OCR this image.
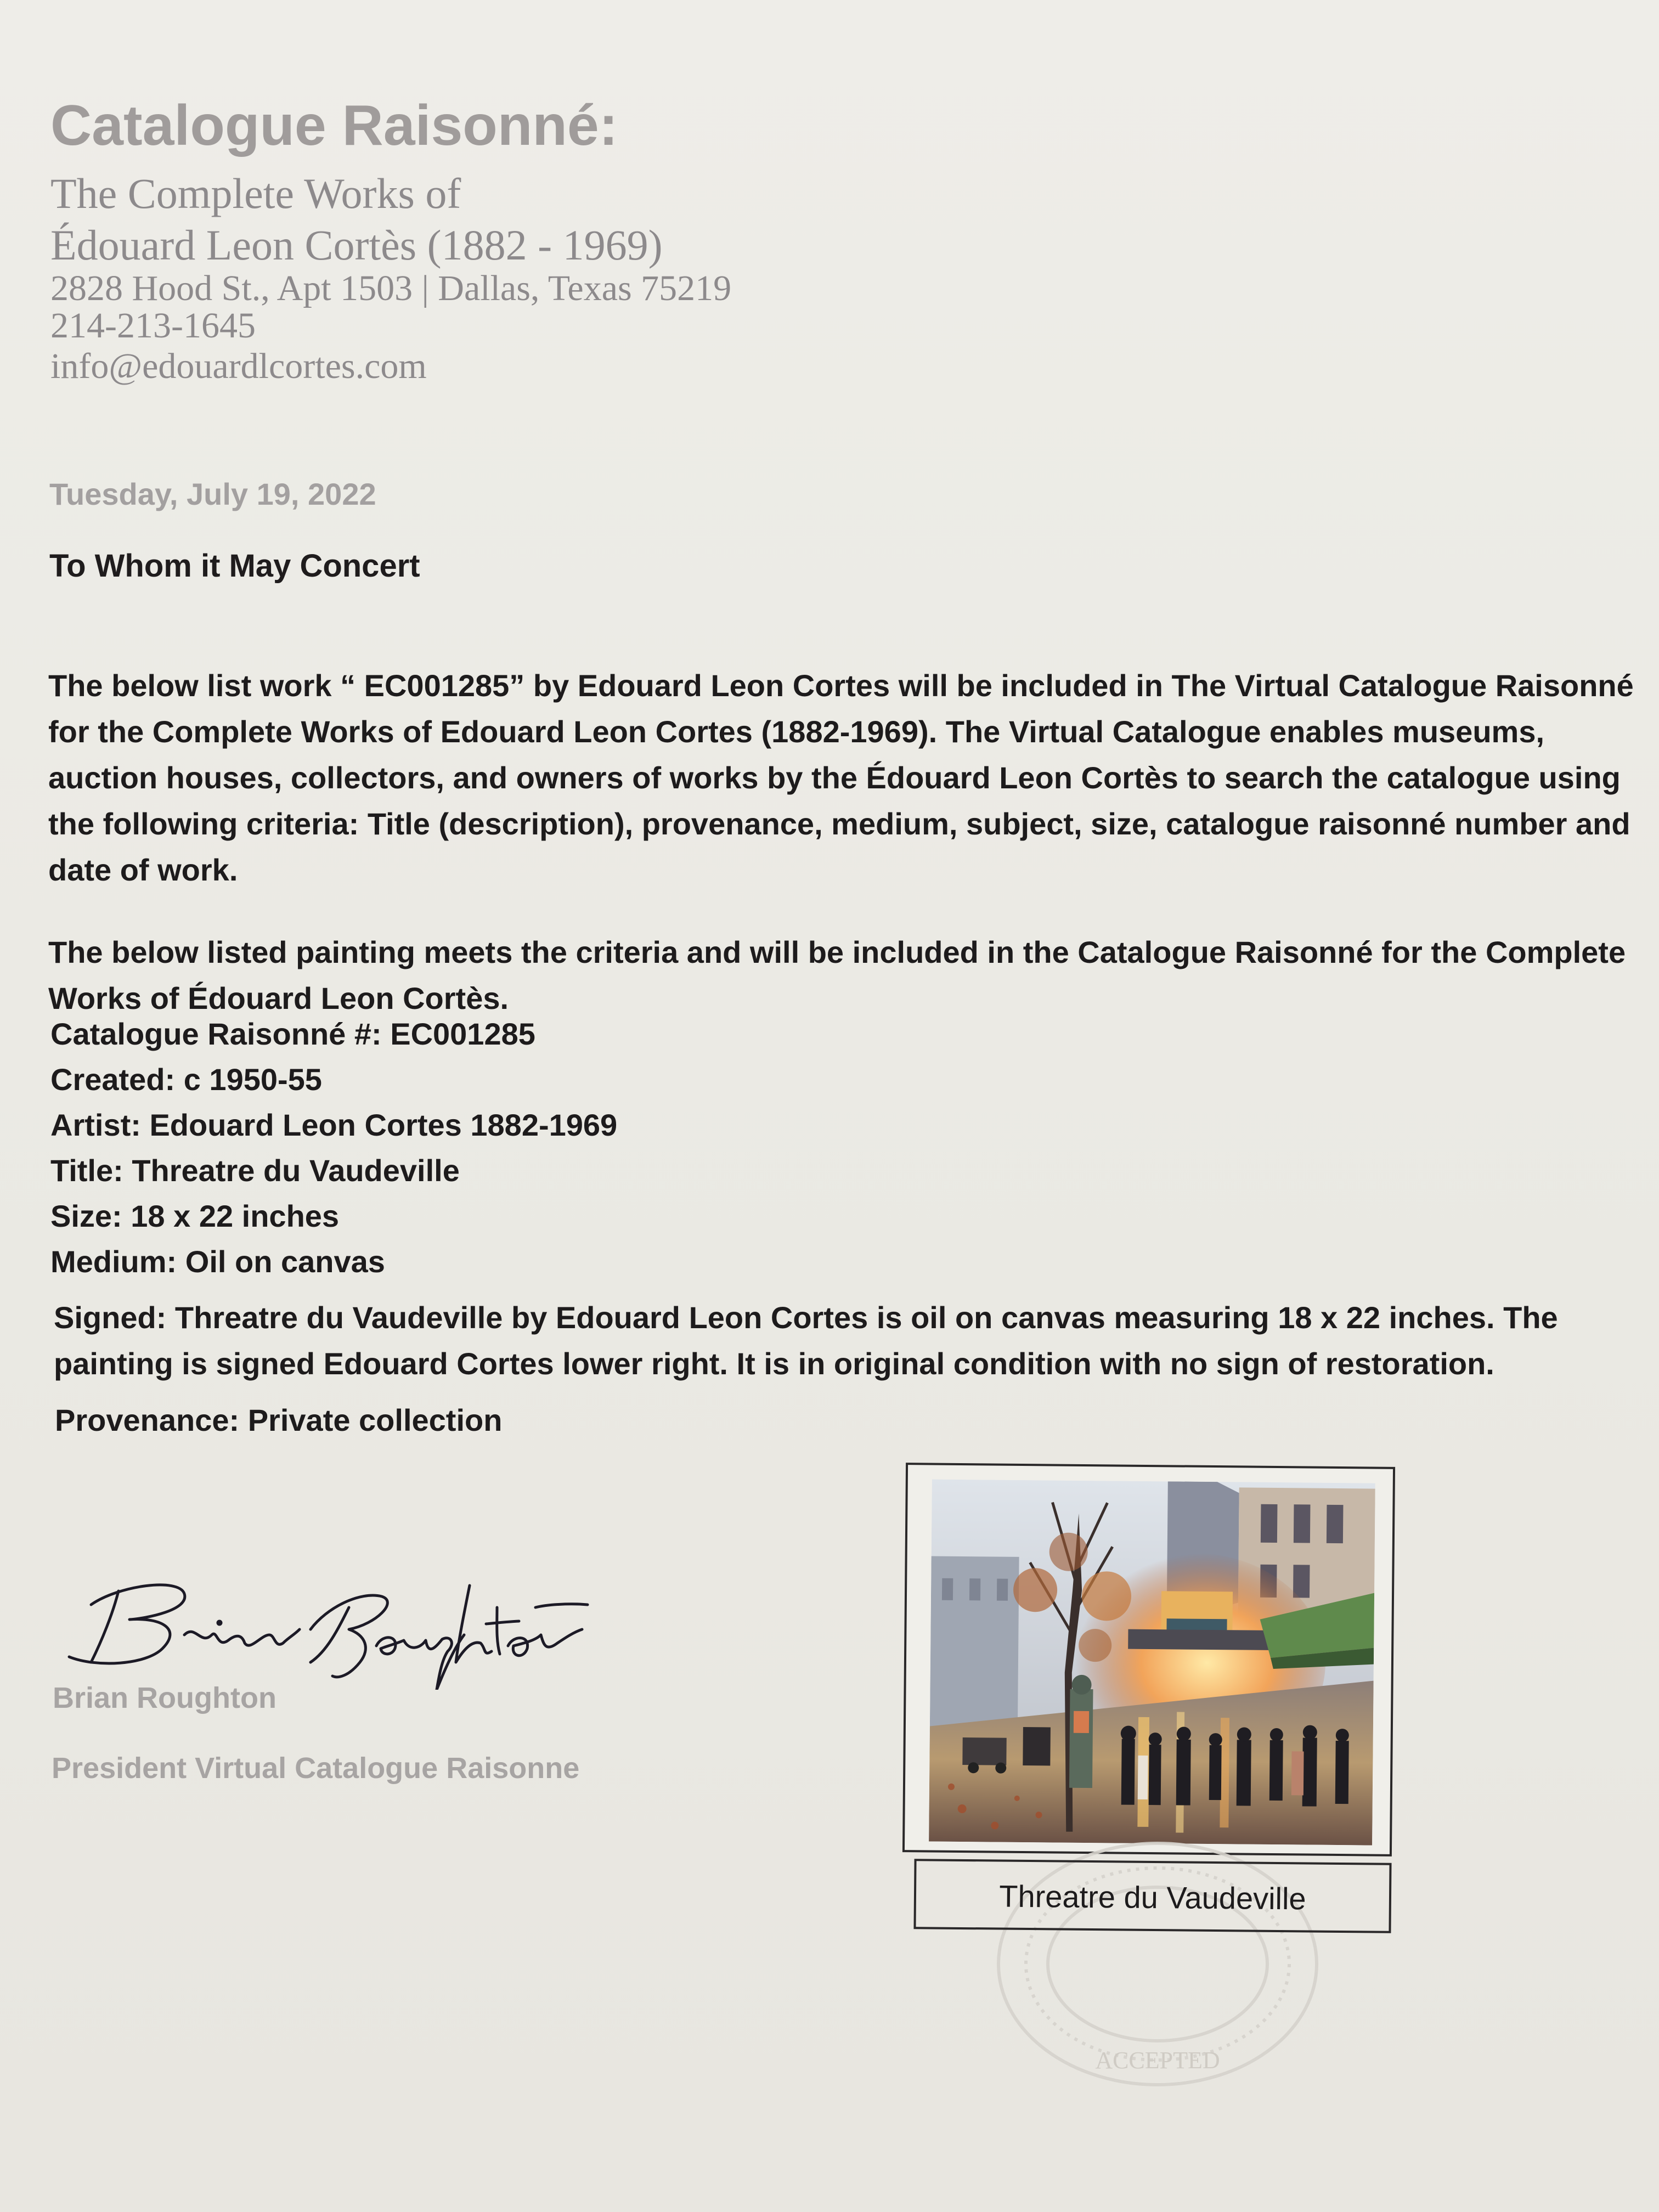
Catalogue Raisonné:
The Complete Works of
Édouard Leon Cortès (1882 - 1969)
2828 Hood St., Apt 1503 | Dallas, Texas 75219
214-213-1645
info@edouardlcortes.com
Tuesday, July 19, 2022
To Whom it May Concert
The below list work “ EC001285” by Edouard Leon Cortes will be included in The Virtual Catalogue Raisonné for the Complete Works of Edouard Leon Cortes (1882-1969). The Virtual Catalogue enables museums, auction houses, collectors, and owners of works by the Édouard Leon Cortès to search the catalogue using the following criteria: Title (description), provenance, medium, subject, size, catalogue raisonné number and date of work.
The below listed painting meets the criteria and will be included in the Catalogue Raisonné for the Complete Works of Édouard Leon Cortès.
Catalogue Raisonné #: EC001285
Created: c 1950-55
Artist: Edouard Leon Cortes 1882-1969
Title: Threatre du Vaudeville
Size: 18 x 22 inches
Medium: Oil on canvas
Signed: Threatre du Vaudeville by Edouard Leon Cortes is oil on canvas measuring 18 x 22 inches. The painting is signed Edouard Cortes lower right. It is in original condition with no sign of restoration.
Provenance: Private collection
Brian Roughton
President Virtual Catalogue Raisonne
ACCEPTED
Threatre du Vaudeville
